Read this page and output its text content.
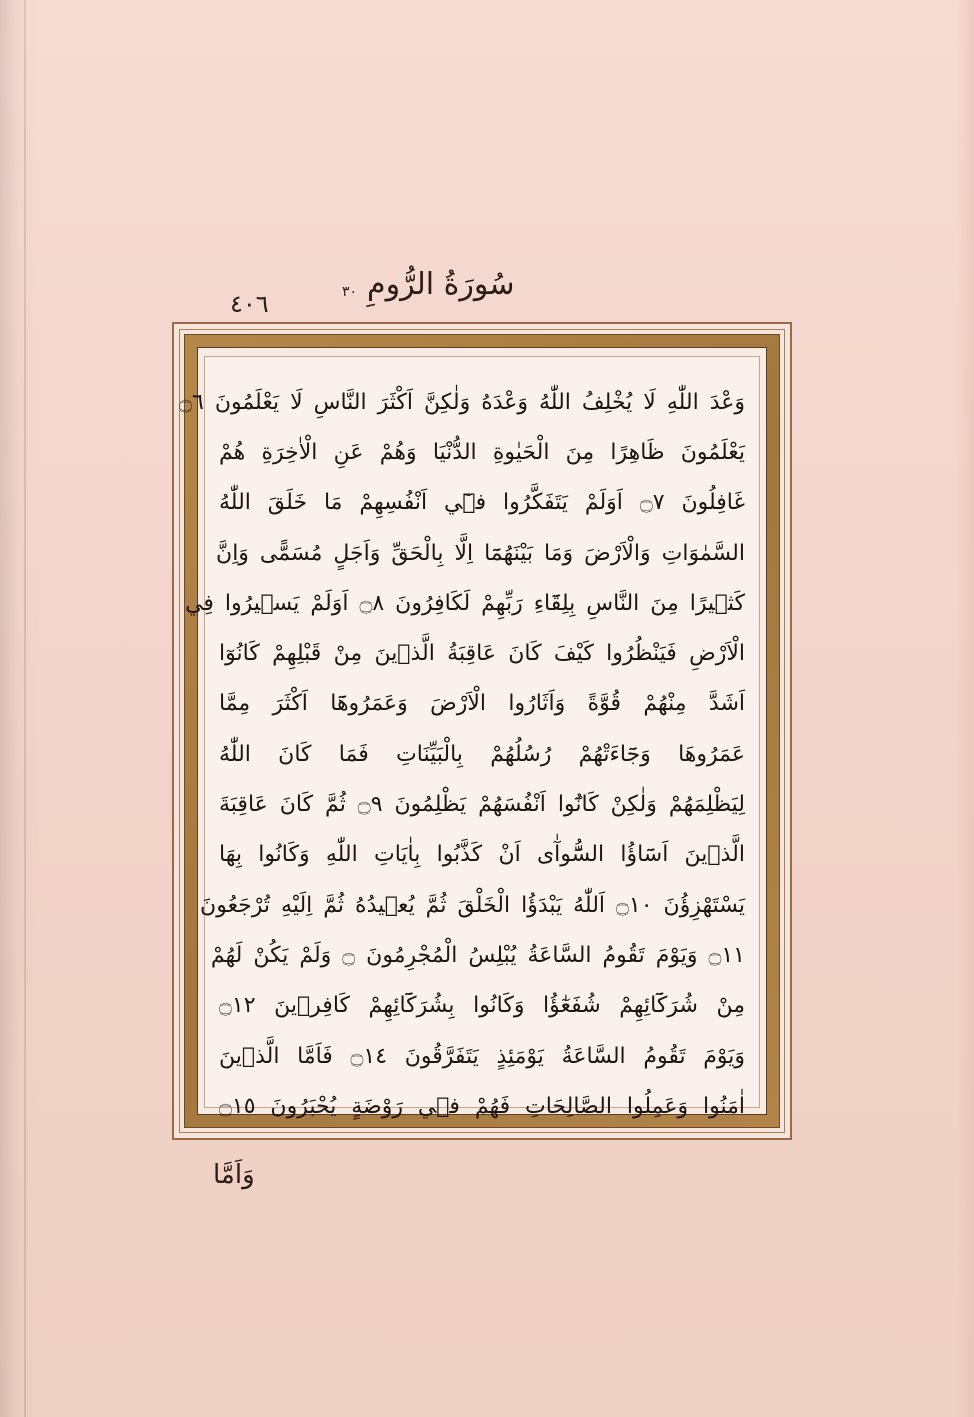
٤٠٦
سُورَةُ الرُّومِ
٣٠
وَعْدَ اللّٰهِ لَا يُخْلِفُ اللّٰهُ وَعْدَهُ وَلٰكِنَّ اَكْثَرَ النَّاسِ لَا يَعْلَمُونَ ۝٦
يَعْلَمُونَ ظَاهِرًا مِنَ الْحَيٰوةِ الدُّنْيَا وَهُمْ عَنِ الْاٰخِرَةِ هُمْ
غَافِلُونَ ۝٧ اَوَلَمْ يَتَفَكَّرُوا فٖٓي اَنْفُسِهِمْ مَا خَلَقَ اللّٰهُ
السَّمٰوَاتِ وَالْاَرْضَ وَمَا بَيْنَهُمَٓا اِلَّا بِالْحَقِّ وَاَجَلٍ مُسَمًّى وَاِنَّ
كَثٖيرًا مِنَ النَّاسِ بِلِقَٓاءِ رَبِّهِمْ لَكَافِرُونَ ۝٨ اَوَلَمْ يَسٖيرُوا فِي
الْاَرْضِ فَيَنْظُرُوا كَيْفَ كَانَ عَاقِبَةُ الَّذٖينَ مِنْ قَبْلِهِمْ كَانُوٓا
اَشَدَّ مِنْهُمْ قُوَّةً وَاَثَارُوا الْاَرْضَ وَعَمَرُوهَٓا اَكْثَرَ مِمَّا
عَمَرُوهَا وَجَٓاءَتْهُمْ رُسُلُهُمْ بِالْبَيِّنَاتِ فَمَا كَانَ اللّٰهُ
لِيَظْلِمَهُمْ وَلٰكِنْ كَانُٓوا اَنْفُسَهُمْ يَظْلِمُونَ ۝٩ ثُمَّ كَانَ عَاقِبَةَ
الَّذٖينَ اَسَٓاؤُا السُّٓوآٰى اَنْ كَذَّبُوا بِاٰيَاتِ اللّٰهِ وَكَانُوا بِهَا
يَسْتَهْزِؤُنَ ۝١٠ اَللّٰهُ يَبْدَؤُا الْخَلْقَ ثُمَّ يُعٖيدُهُ ثُمَّ اِلَيْهِ تُرْجَعُونَ
۝١١ وَيَوْمَ تَقُومُ السَّاعَةُ يُبْلِسُ الْمُجْرِمُونَ ۝ وَلَمْ يَكُنْ لَهُمْ
مِنْ شُرَكَٓائِهِمْ شُفَعٰٓؤُا وَكَانُوا بِشُرَكَٓائِهِمْ كَافِرٖينَ ۝١٢
وَيَوْمَ تَقُومُ السَّاعَةُ يَوْمَئِذٍ يَتَفَرَّقُونَ ۝١٤ فَاَمَّا الَّذٖينَ
اٰمَنُوا وَعَمِلُوا الصَّالِحَاتِ فَهُمْ فٖي رَوْضَةٍ يُحْبَرُونَ ۝١٥
وَاَمَّا
